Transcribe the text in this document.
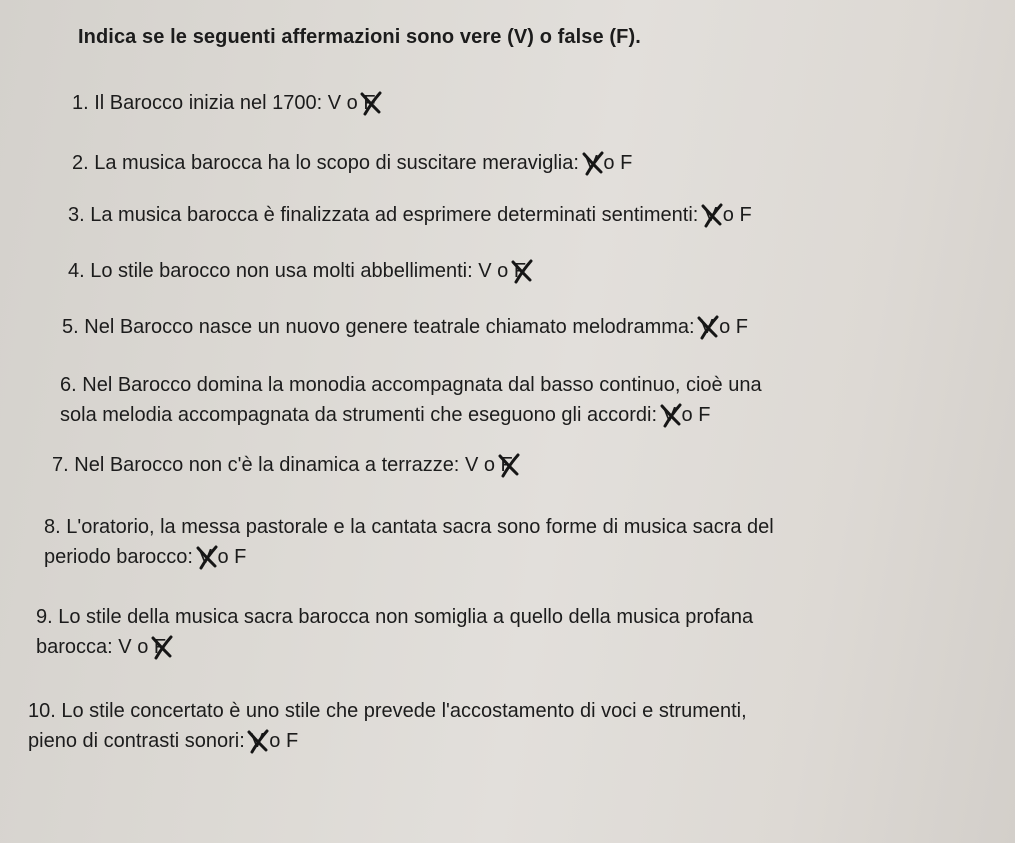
Indica se le seguenti affermazioni sono vere (V) o false (F).
1. Il Barocco inizia nel 1700: V o F
2. La musica barocca ha lo scopo di suscitare meraviglia: V o F
3. La musica barocca è finalizzata ad esprimere determinati sentimenti: V o F
4. Lo stile barocco non usa molti abbellimenti: V o F
5. Nel Barocco nasce un nuovo genere teatrale chiamato melodramma: V o F
6. Nel Barocco domina la monodia accompagnata dal basso continuo, cioè una
sola melodia accompagnata da strumenti che eseguono gli accordi: V o F
7. Nel Barocco non c'è la dinamica a terrazze: V o F
8. L'oratorio, la messa pastorale e la cantata sacra sono forme di musica sacra del
periodo barocco: V o F
9. Lo stile della musica sacra barocca non somiglia a quello della musica profana
barocca: V o F
10. Lo stile concertato è uno stile che prevede l'accostamento di voci e strumenti,
pieno di contrasti sonori: V o F
